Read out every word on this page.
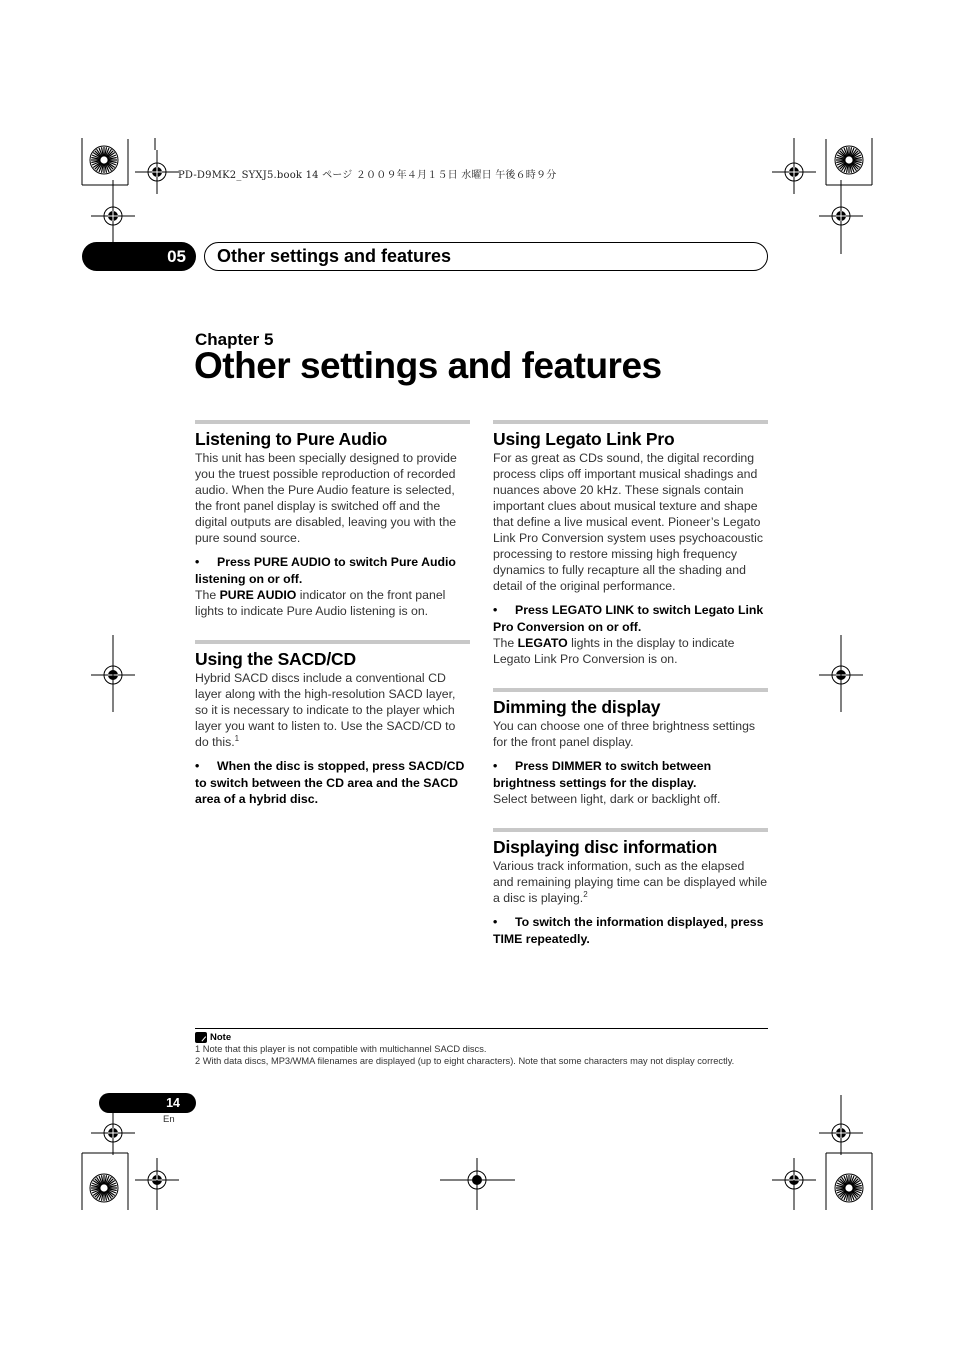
PD-D9MK2_SYXJ5.book 14 ページ ２００９年４月１５日 水曜日 午後６時９分
05	Other settings and features
Chapter 5
Other settings and features
Listening to Pure Audio

This unit has been specially designed to provide you the truest possible reproduction of recorded audio. When the Pure Audio feature is selected, the front panel display is switched off and the digital outputs are disabled, leaving you with the pure sound source.

• Press PURE AUDIO to switch Pure Audio listening on or off.

The PURE AUDIO indicator on the front panel lights to indicate Pure Audio listening is on.

Using the SACD/CD

Hybrid SACD discs include a conventional CD layer along with the high-resolution SACD layer, so it is necessary to indicate to the player which layer you want to listen to. Use the SACD/CD to do this.$^1$

• When the disc is stopped, press SACD/CD to switch between the CD area and the SACD area of a hybrid disc.

Using Legato Link Pro

For as great as CDs sound, the digital recording process clips off important musical shadings and nuances above 20 kHz. These signals contain important clues about musical texture and shape that define a live musical event. Pioneer’s Legato Link Pro Conversion system uses psychoacoustic processing to restore missing high frequency dynamics to fully recapture all the shading and detail of the original performance.

• Press LEGATO LINK to switch Legato Link Pro Conversion on or off.

The LEGATO lights in the display to indicate Legato Link Pro Conversion is on.

Dimming the display

You can choose one of three brightness settings for the front panel display.

• Press DIMMER to switch between brightness settings for the display.

Select between light, dark or backlight off.

Displaying disc information

Various track information, such as the elapsed and remaining playing time can be displayed while a disc is playing.$^2$

• To switch the information displayed, press TIME repeatedly.

Note

1 Note that this player is not compatible with multichannel SACD discs.

2 With data discs, MP3/WMA filenames are displayed (up to eight characters). Note that some characters may not display correctly.

14
En
